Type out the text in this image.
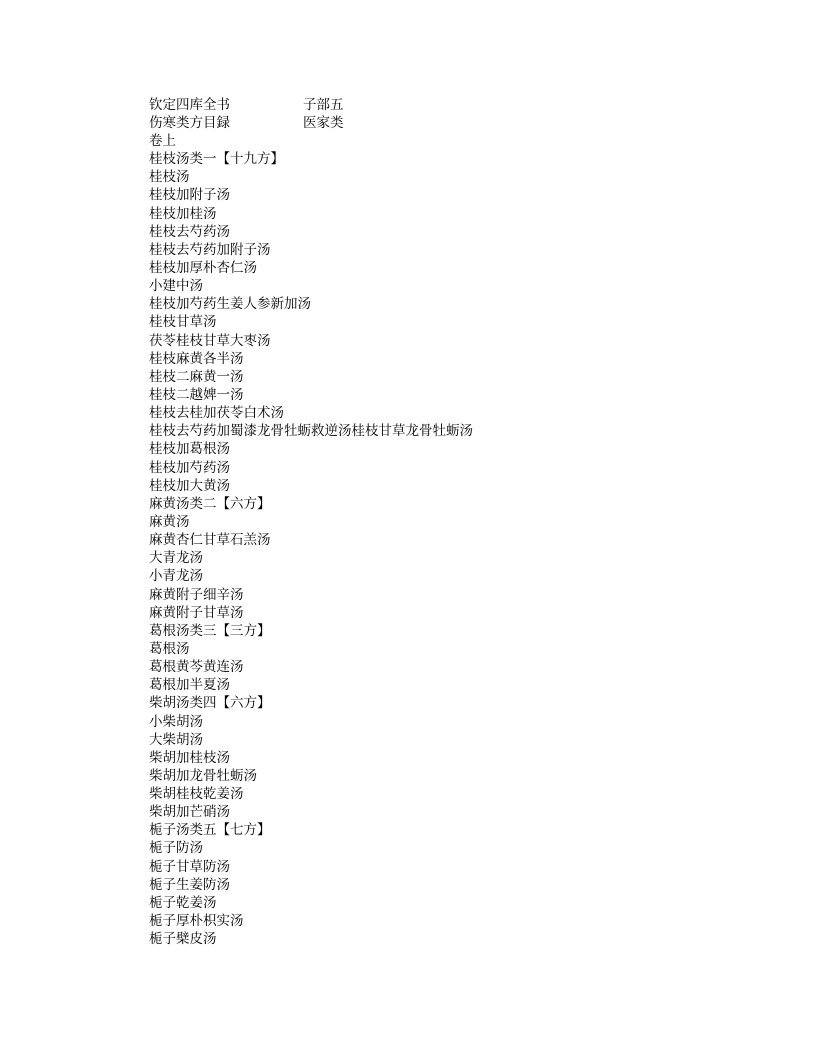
钦定四库全书	子部五
伤寒类方目録	医家类
卷上
桂枝汤类一【十九方】
桂枝汤
桂枝加附子汤
桂枝加桂汤
桂枝去芍药汤
桂枝去芍药加附子汤
桂枝加厚朴杏仁汤
小建中汤
桂枝加芍药生姜人参新加汤
桂枝甘草汤
茯苓桂枝甘草大枣汤
桂枝麻黄各半汤
桂枝二麻黄一汤
桂枝二越婢一汤
桂枝去桂加茯苓白术汤
桂枝去芍药加蜀漆龙骨牡蛎救逆汤桂枝甘草龙骨牡蛎汤
桂枝加葛根汤
桂枝加芍药汤
桂枝加大黄汤
麻黄汤类二【六方】
麻黄汤
麻黄杏仁甘草石羔汤
大青龙汤
小青龙汤
麻黄附子细辛汤
麻黄附子甘草汤
葛根汤类三【三方】
葛根汤
葛根黄芩黄连汤
葛根加半夏汤
柴胡汤类四【六方】
小柴胡汤
大柴胡汤
柴胡加桂枝汤
柴胡加龙骨牡蛎汤
柴胡桂枝乾姜汤
柴胡加芒硝汤
栀子汤类五【七方】
栀子防汤
栀子甘草防汤
栀子生姜防汤
栀子乾姜汤
栀子厚朴枳实汤
栀子檗皮汤
